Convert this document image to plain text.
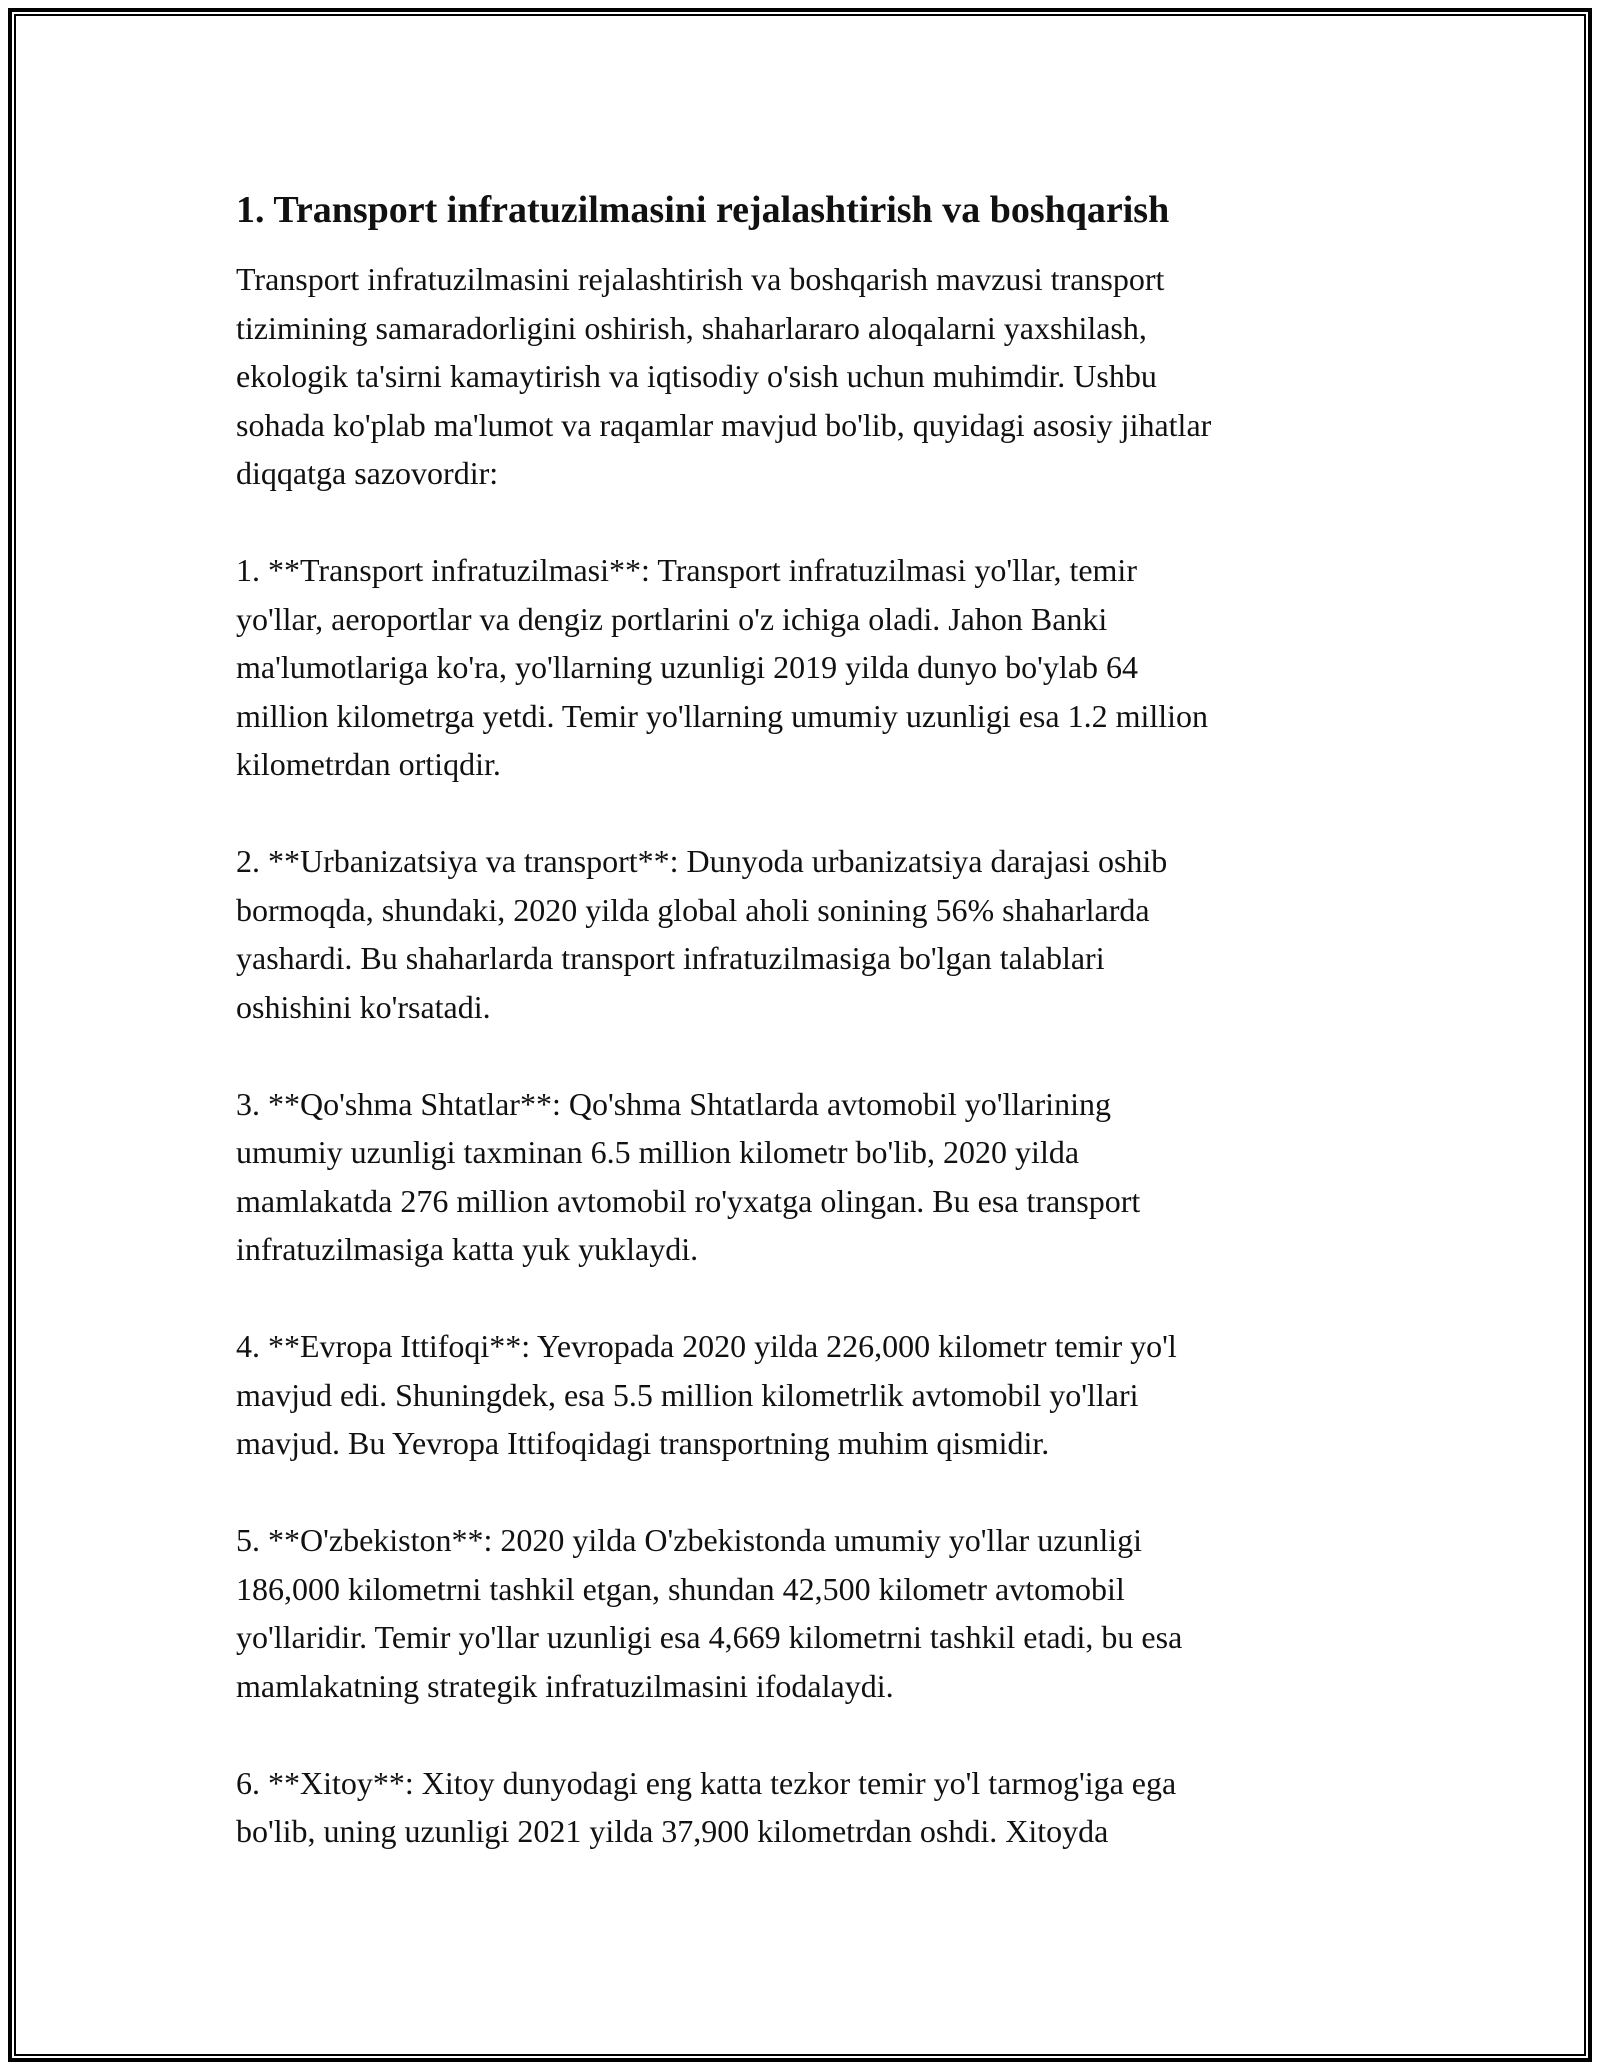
1. Transport infratuzilmasini rejalashtirish va boshqarish

Transport infratuzilmasini rejalashtirish va boshqarish mavzusi transport
tizimining samaradorligini oshirish, shaharlararo aloqalarni yaxshilash,
ekologik ta'sirni kamaytirish va iqtisodiy o'sish uchun muhimdir. Ushbu
sohada ko'plab ma'lumot va raqamlar mavjud bo'lib, quyidagi asosiy jihatlar
diqqatga sazovordir:

1. **Transport infratuzilmasi**: Transport infratuzilmasi yo'llar, temir
yo'llar, aeroportlar va dengiz portlarini o'z ichiga oladi. Jahon Banki
ma'lumotlariga ko'ra, yo'llarning uzunligi 2019 yilda dunyo bo'ylab 64
million kilometrga yetdi. Temir yo'llarning umumiy uzunligi esa 1.2 million
kilometrdan ortiqdir.

2. **Urbanizatsiya va transport**: Dunyoda urbanizatsiya darajasi oshib
bormoqda, shundaki, 2020 yilda global aholi sonining 56% shaharlarda
yashardi. Bu shaharlarda transport infratuzilmasiga bo'lgan talablari
oshishini ko'rsatadi.

3. **Qo'shma Shtatlar**: Qo'shma Shtatlarda avtomobil yo'llarining
umumiy uzunligi taxminan 6.5 million kilometr bo'lib, 2020 yilda
mamlakatda 276 million avtomobil ro'yxatga olingan. Bu esa transport
infratuzilmasiga katta yuk yuklaydi.

4. **Evropa Ittifoqi**: Yevropada 2020 yilda 226,000 kilometr temir yo'l
mavjud edi. Shuningdek, esa 5.5 million kilometrlik avtomobil yo'llari
mavjud. Bu Yevropa Ittifoqidagi transportning muhim qismidir.

5. **O'zbekiston**: 2020 yilda O'zbekistonda umumiy yo'llar uzunligi
186,000 kilometrni tashkil etgan, shundan 42,500 kilometr avtomobil
yo'llaridir. Temir yo'llar uzunligi esa 4,669 kilometrni tashkil etadi, bu esa
mamlakatning strategik infratuzilmasini ifodalaydi.

6. **Xitoy**: Xitoy dunyodagi eng katta tezkor temir yo'l tarmog'iga ega
bo'lib, uning uzunligi 2021 yilda 37,900 kilometrdan oshdi. Xitoyda
